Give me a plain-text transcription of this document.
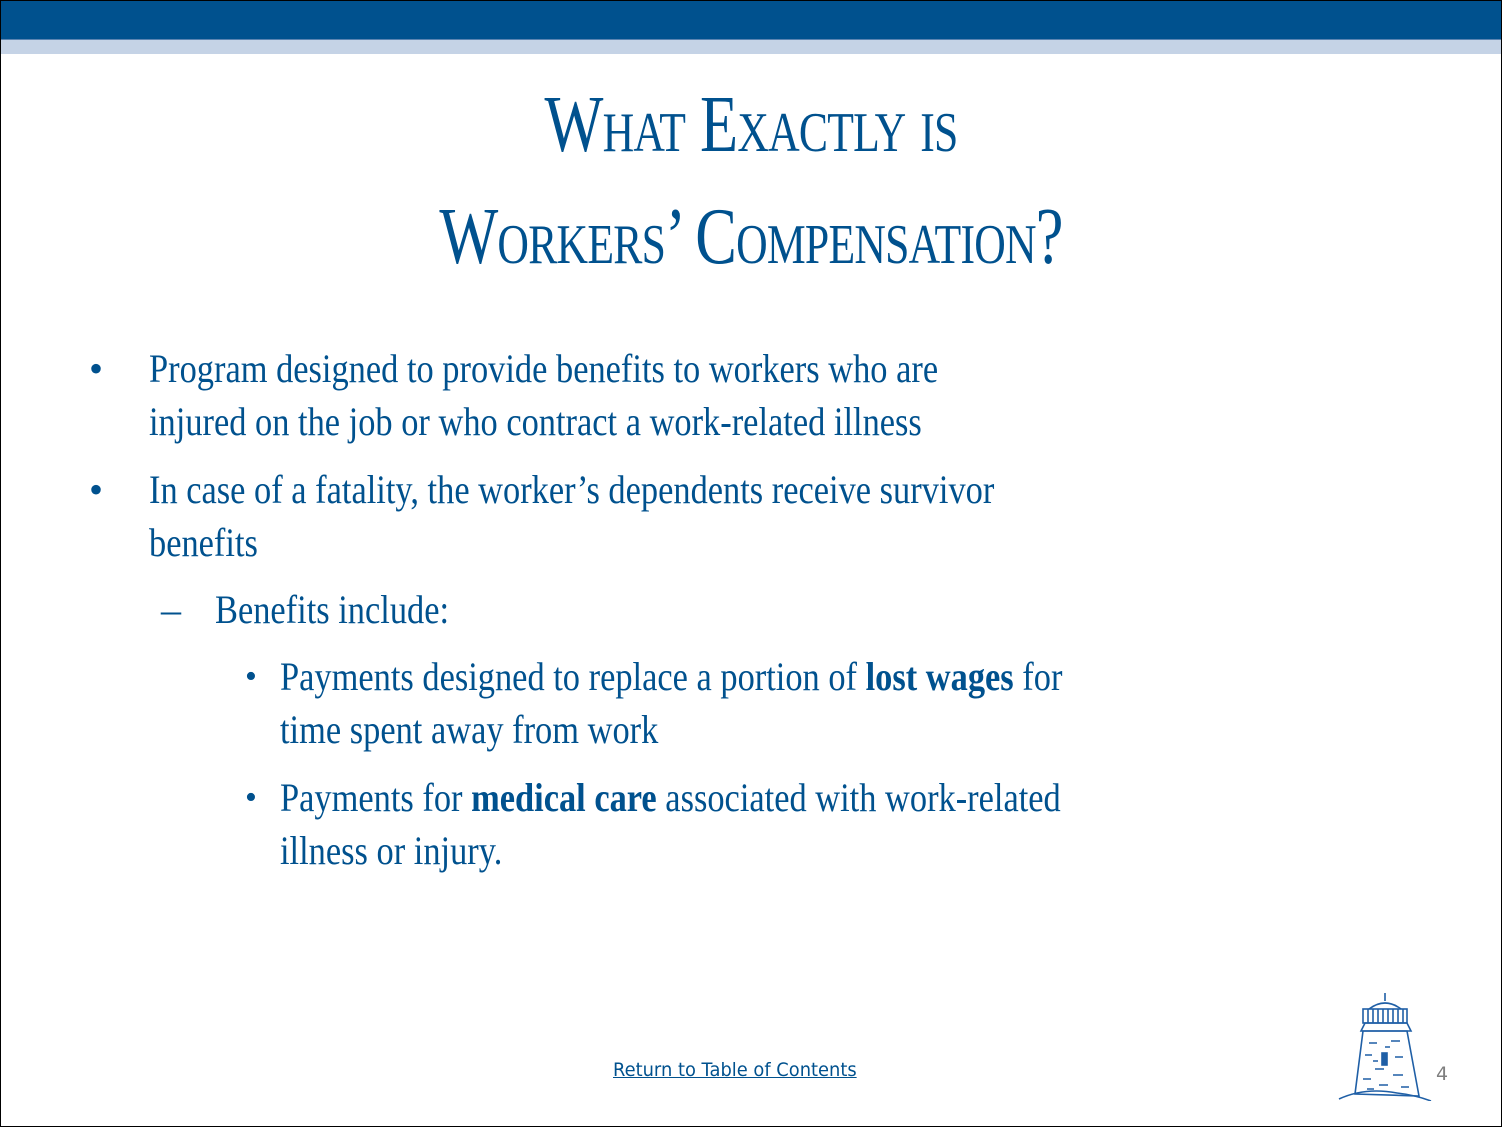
What Exactly is
Workers’ Compensation?
• Program designed to provide benefits to workers who are
injured on the job or who contract a work-related illness
• In case of a fatality, the worker’s dependents receive survivor
benefits
– Benefits include:
• Payments designed to replace a portion of lost wages for
time spent away from work
• Payments for medical care associated with work-related
illness or injury.
Return to Table of Contents	4
